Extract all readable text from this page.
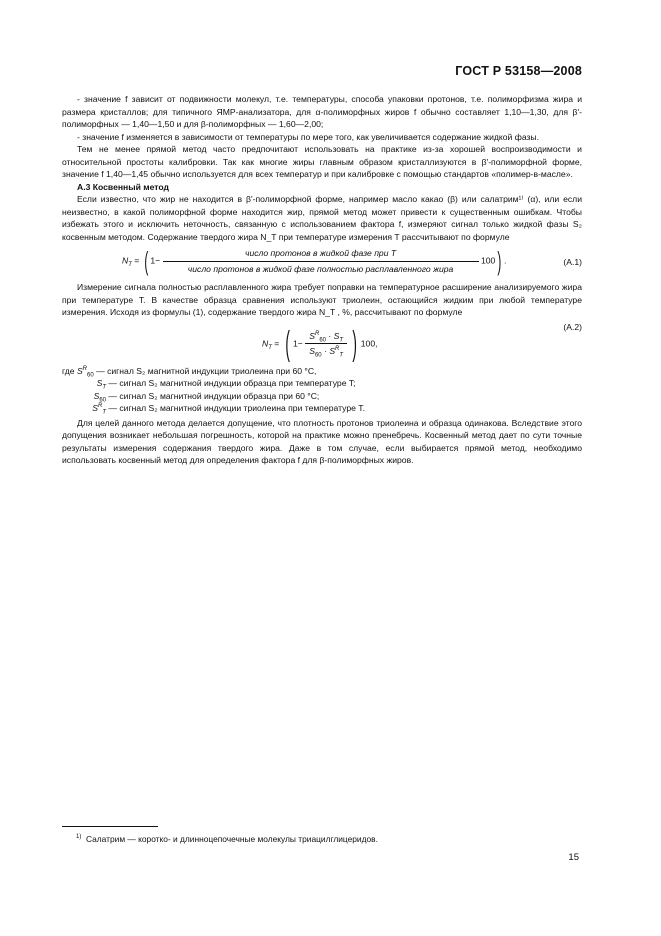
ГОСТ Р 53158—2008

- значение f зависит от подвижности молекул, т.е. температуры, способа упаковки протонов, т.е. полиморфизма жира и размера кристаллов; для типичного ЯМР-анализатора, для α-полиморфных жиров f обычно составляет 1,10—1,30, для β'-полиморфных — 1,40—1,50 и для β-полиморфных — 1,60—2,00;

- значение f изменяется в зависимости от температуры по мере того, как увеличивается содержание жидкой фазы.

Тем не менее прямой метод часто предпочитают использовать на практике из-за хорошей воспроизводимости и относительной простоты калибровки. Так как многие жиры главным образом кристаллизуются в β'-полиморфной форме, значение f 1,40—1,45 обычно используется для всех температур и при калибровке с помощью стандартов «полимер-в-масле».

А.3 Косвенный метод

Если известно, что жир не находится в β'-полиморфной форме, например масло какао (β) или салатрим¹⁾ (α), или если неизвестно, в какой полиморфной форме находится жир, прямой метод может привести к существенным ошибкам. Чтобы избежать этого и исключить неточность, связанную с использованием фактора f, измеряют сигнал только жидкой фазы S₂ косвенным методом. Содержание твердого жира N_T при температуре измерения T рассчитывают по формуле

$N_T$ = ( $1- \frac{\text{число протонов в жидкой фазе при T}}{\text{число протонов в жидкой фазе полностью расплавленного жира}} 100$) .	(А.1)

Измерение сигнала полностью расплавленного жира требует поправки на температурное расширение анализируемого жира при температуре T. В качестве образца сравнения используют триолеин, остающийся жидким при любой температуре измерения. Исходя из формулы (1), содержание твердого жира N_T , %, рассчитывают по формуле

(А.2)
$N_T$ = ( $1- \frac{S^R_{60} \cdot S_T}{S_{60} \cdot S^R_T}$ ) 100,

где $S^R_{60}$ — сигнал S₂ магнитной индукции триолеина при 60 °C,

$S_T$ — сигнал S₂ магнитной индукции образца при температуре T;

$S_{60}$ — сигнал S₂ магнитной индукции образца при 60 °C;

$S^R_T$ — сигнал S₂ магнитной индукции триолеина при температуре T.

Для целей данного метода делается допущение, что плотность протонов триолеина и образца одинакова. Вследствие этого допущения возникает небольшая погрешность, которой на практике можно пренебречь. Косвенный метод дает по сути точные результаты измерения содержания твердого жира. Даже в том случае, если выбирается прямой метод, необходимо использовать косвенный метод для определения фактора f для β-полиморфных жиров.

$^{1)}$ Салатрим — коротко- и длинноцепочечные молекулы триацилглицеридов.
15
